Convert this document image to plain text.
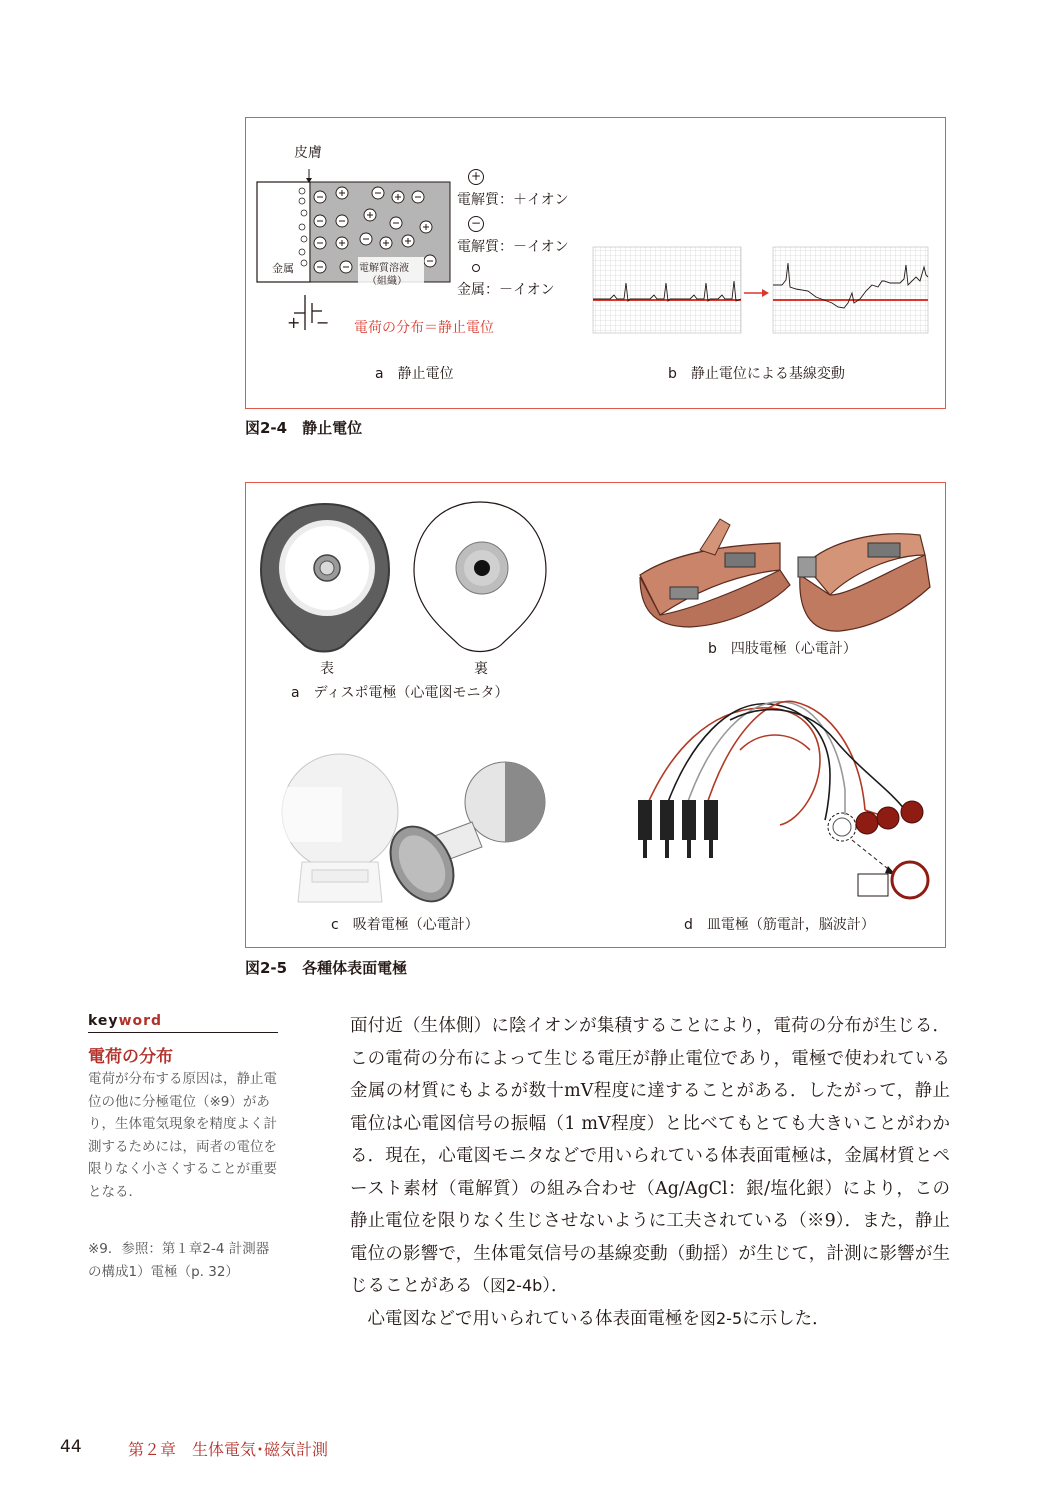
皮膚
金属	電解質溶液
（組織）
+ − 電荷の分布＝静止電位
+
電解質：＋イオン
−
電解質：－イオン
金属：－イオン
a　静止電位	b　静止電位による基線変動
図2-4　静止電位
表	裏
a　ディスポ電極（心電図モニタ）
b　四肢電極（心電計）
c　吸着電極（心電計）	d　皿電極（筋電計，脳波計）
図2-5　各種体表面電極
keyword
電荷の分布
電荷が分布する原因は，静止電位の他に分極電位（※9）があり，生体電気現象を精度よく計測するためには，両者の電位を限りなく小さくすることが重要となる．
※9．参照：第１章2-4 計測器の構成1）電極（p. 32）

面付近（生体側）に陰イオンが集積することにより，電荷の分布が生じる．この電荷の分布によって生じる電圧が静止電位であり，電極で使われている金属の材質にもよるが数十mV程度に達することがある．したがって，静止電位は心電図信号の振幅（1 mV程度）と比べてもとても大きいことがわかる．現在，心電図モニタなどで用いられている体表面電極は，金属材質とペースト素材（電解質）の組み合わせ（Ag/AgCl：銀/塩化銀）により，この静止電位を限りなく生じさせないように工夫されている（※9）．また，静止電位の影響で，生体電気信号の基線変動（動揺）が生じて，計測に影響が生じることがある（図2-4b）．

心電図などで用いられている体表面電極を図2-5に示した．

44	第２章　生体電気･磁気計測
